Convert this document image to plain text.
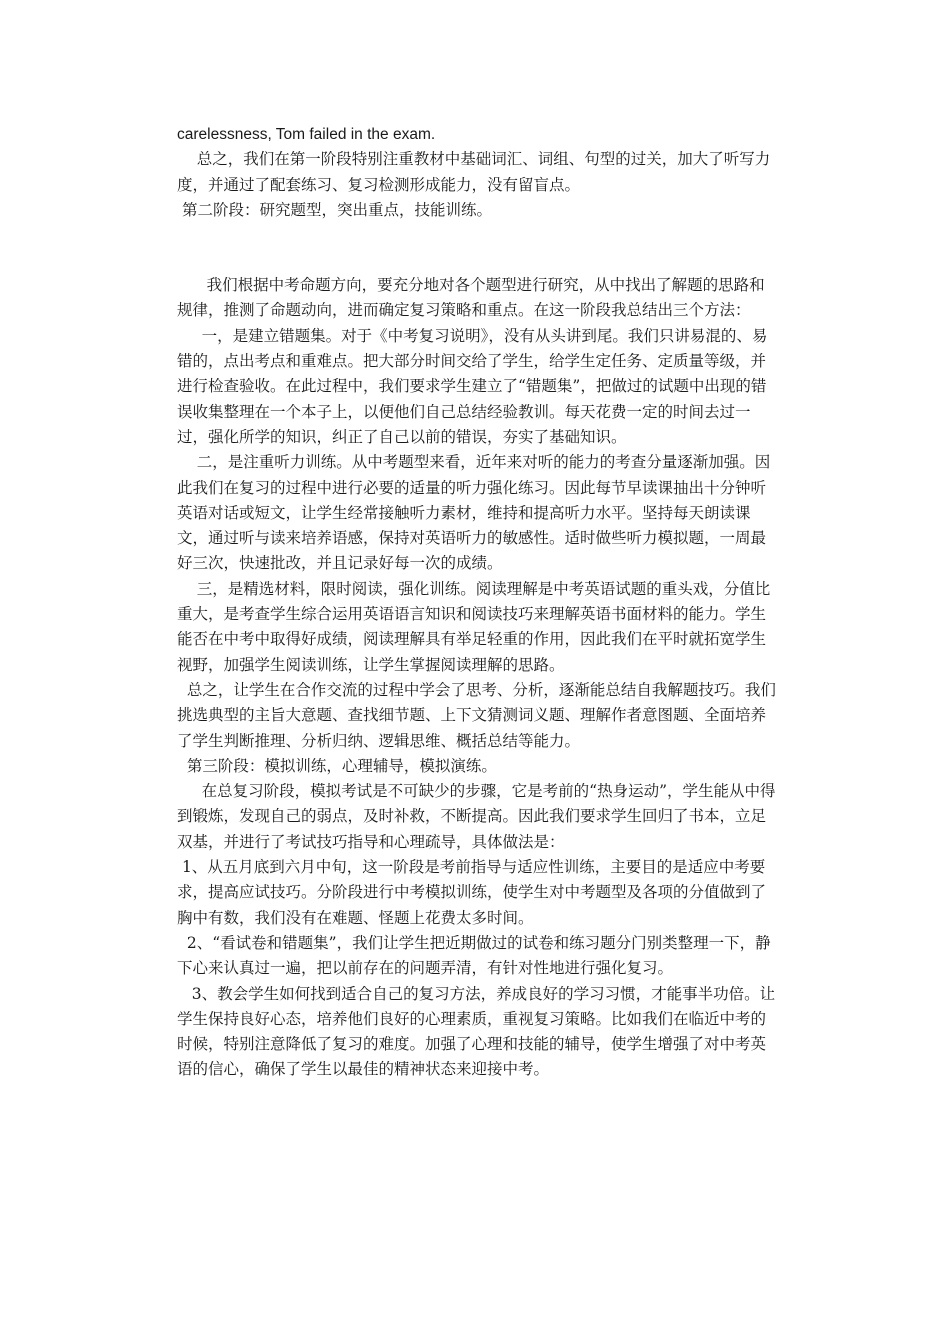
carelessness, Tom failed in the exam.

总之，我们在第一阶段特别注重教材中基础词汇、词组、句型的过关，加大了听写力度，并通过了配套练习、复习检测形成能力，没有留盲点。

第二阶段：研究题型，突出重点，技能训练。

我们根据中考命题方向，要充分地对各个题型进行研究，从中找出了解题的思路和规律，推测了命题动向，进而确定复习策略和重点。在这一阶段我总结出三个方法：

一，是建立错题集。对于《中考复习说明》，没有从头讲到尾。我们只讲易混的、易错的，点出考点和重难点。把大部分时间交给了学生，给学生定任务、定质量等级，并进行检查验收。在此过程中，我们要求学生建立了“错题集”，把做过的试题中出现的错误收集整理在一个本子上，以便他们自己总结经验教训。每天花费一定的时间去过一过，强化所学的知识，纠正了自己以前的错误，夯实了基础知识。

二，是注重听力训练。从中考题型来看，近年来对听的能力的考查分量逐渐加强。因此我们在复习的过程中进行必要的适量的听力强化练习。因此每节早读课抽出十分钟听英语对话或短文，让学生经常接触听力素材，维持和提高听力水平。坚持每天朗读课文，通过听与读来培养语感，保持对英语听力的敏感性。适时做些听力模拟题，一周最好三次，快速批改，并且记录好每一次的成绩。

三，是精选材料，限时阅读，强化训练。阅读理解是中考英语试题的重头戏，分值比重大，是考查学生综合运用英语语言知识和阅读技巧来理解英语书面材料的能力。学生能否在中考中取得好成绩，阅读理解具有举足轻重的作用，因此我们在平时就拓宽学生视野，加强学生阅读训练，让学生掌握阅读理解的思路。

总之，让学生在合作交流的过程中学会了思考、分析，逐渐能总结自我解题技巧。我们挑选典型的主旨大意题、查找细节题、上下文猜测词义题、理解作者意图题、全面培养了学生判断推理、分析归纳、逻辑思维、概括总结等能力。

第三阶段：模拟训练，心理辅导，模拟演练。

在总复习阶段，模拟考试是不可缺少的步骤，它是考前的“热身运动”，学生能从中得到锻炼，发现自己的弱点，及时补救，不断提高。因此我们要求学生回归了书本，立足双基，并进行了考试技巧指导和心理疏导，具体做法是：

1、从五月底到六月中旬，这一阶段是考前指导与适应性训练，主要目的是适应中考要求，提高应试技巧。分阶段进行中考模拟训练，使学生对中考题型及各项的分值做到了胸中有数，我们没有在难题、怪题上花费太多时间。

2、“看试卷和错题集”，我们让学生把近期做过的试卷和练习题分门别类整理一下，静下心来认真过一遍，把以前存在的问题弄清，有针对性地进行强化复习。

3、教会学生如何找到适合自己的复习方法，养成良好的学习习惯，才能事半功倍。让学生保持良好心态，培养他们良好的心理素质，重视复习策略。比如我们在临近中考的时候，特别注意降低了复习的难度。加强了心理和技能的辅导，使学生增强了对中考英语的信心，确保了学生以最佳的精神状态来迎接中考。
